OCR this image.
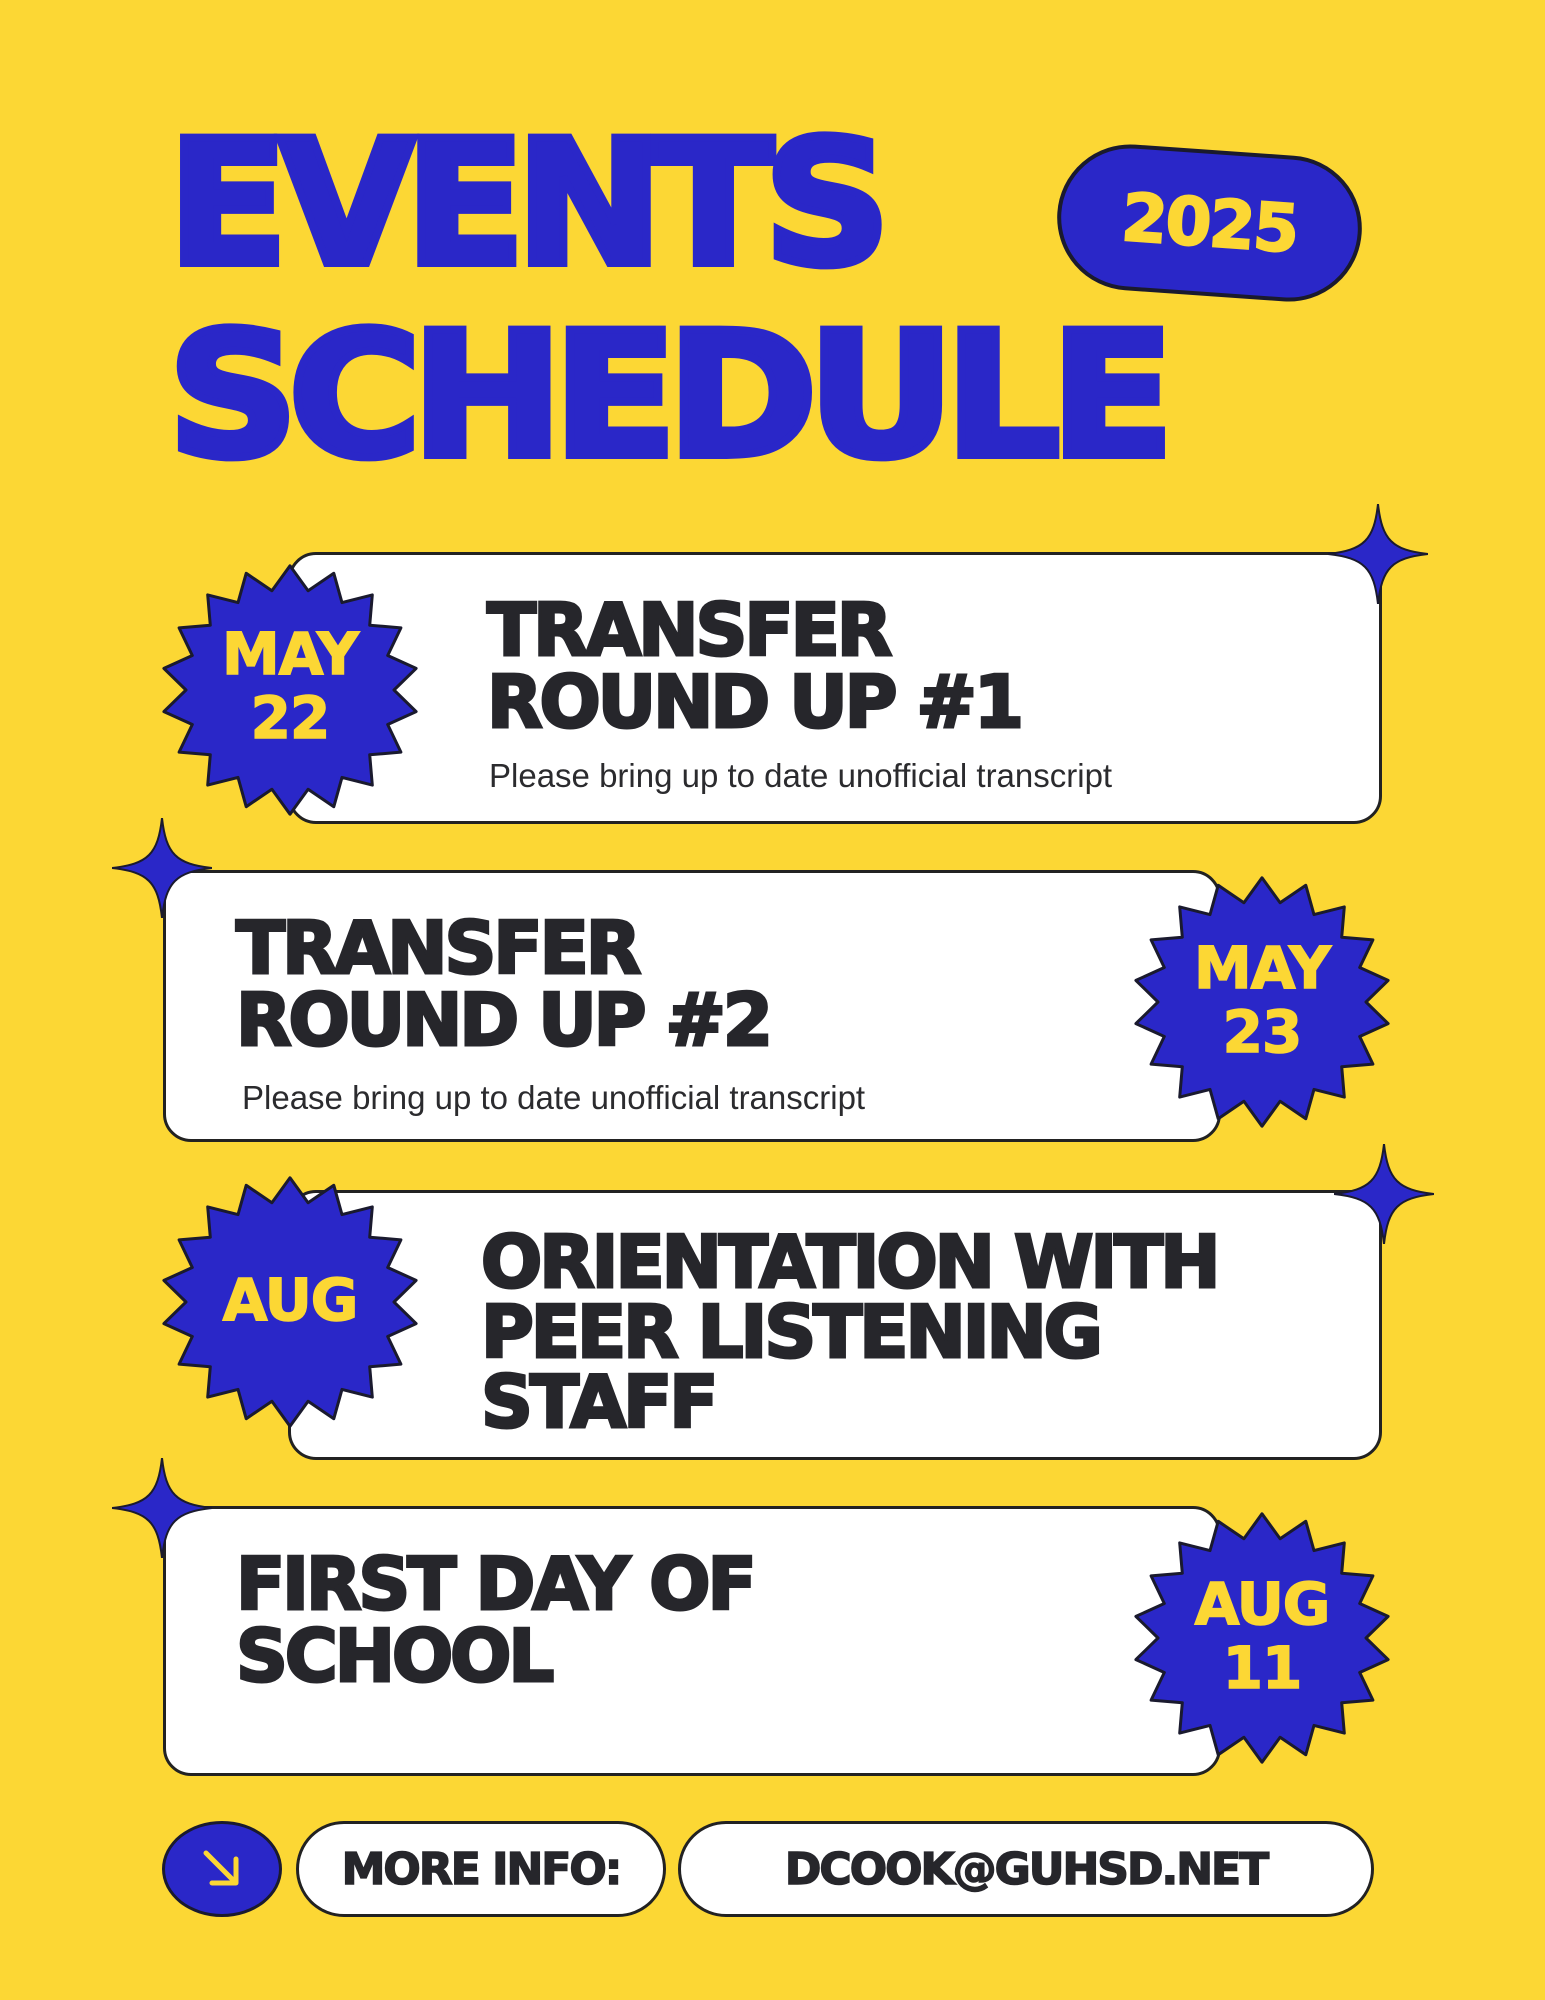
EVENTS
SCHEDULE
2025
TRANSFER
ROUND UP #1
Please bring up to date unofficial transcript
TRANSFER
ROUND UP #2
Please bring up to date unofficial transcript
ORIENTATION WITH
PEER LISTENING
STAFF
FIRST DAY OF
SCHOOL
MAY
22
MAY
23
AUG
AUG
11
MORE INFO:	DCOOK@GUHSD.NET
